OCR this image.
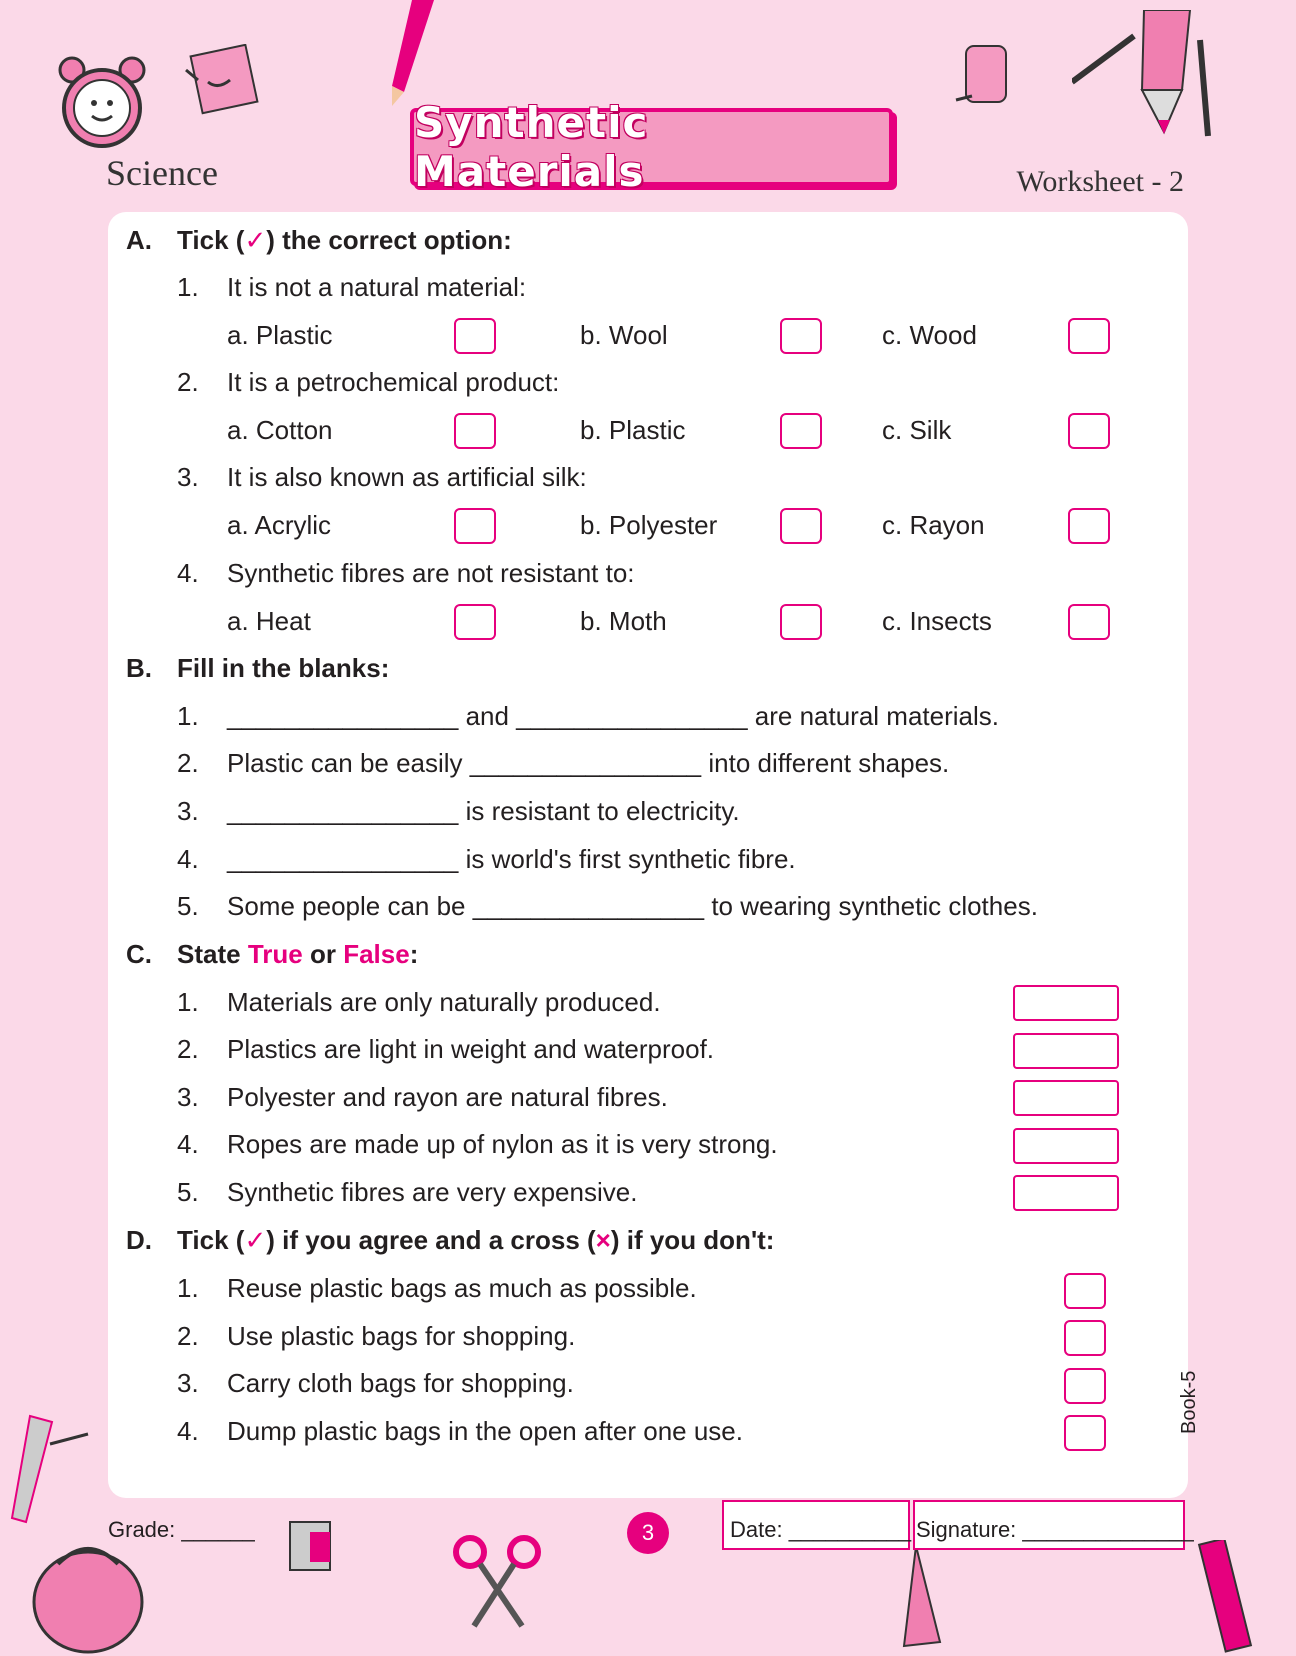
Science
Synthetic Materials	Worksheet - 2
A. Tick (✓) the correct option:
1. It is not a natural material:
a. Plastic	b. Wool	c. Wood
2. It is a petrochemical product:
a. Cotton	b. Plastic	c. Silk
3. It is also known as artificial silk:
a. Acrylic	b. Polyester	c. Rayon
4. Synthetic fibres are not resistant to:
a. Heat	b. Moth	c. Insects
B. Fill in the blanks:
1. ________________ and ________________ are natural materials.
2. Plastic can be easily ________________ into different shapes.
3. ________________ is resistant to electricity.
4. ________________ is world's first synthetic fibre.
5. Some people can be ________________ to wearing synthetic clothes.
C. State True or False:
1. Materials are only naturally produced.
2. Plastics are light in weight and waterproof.
3. Polyester and rayon are natural fibres.
4. Ropes are made up of nylon as it is very strong.
5. Synthetic fibres are very expensive.
D. Tick (✓) if you agree and a cross (×) if you don't:
1. Reuse plastic bags as much as possible.
2. Use plastic bags for shopping.
3. Carry cloth bags for shopping.
4. Dump plastic bags in the open after one use.
Grade: ______	3	Date: __________ Signature: ______________
Book-5
